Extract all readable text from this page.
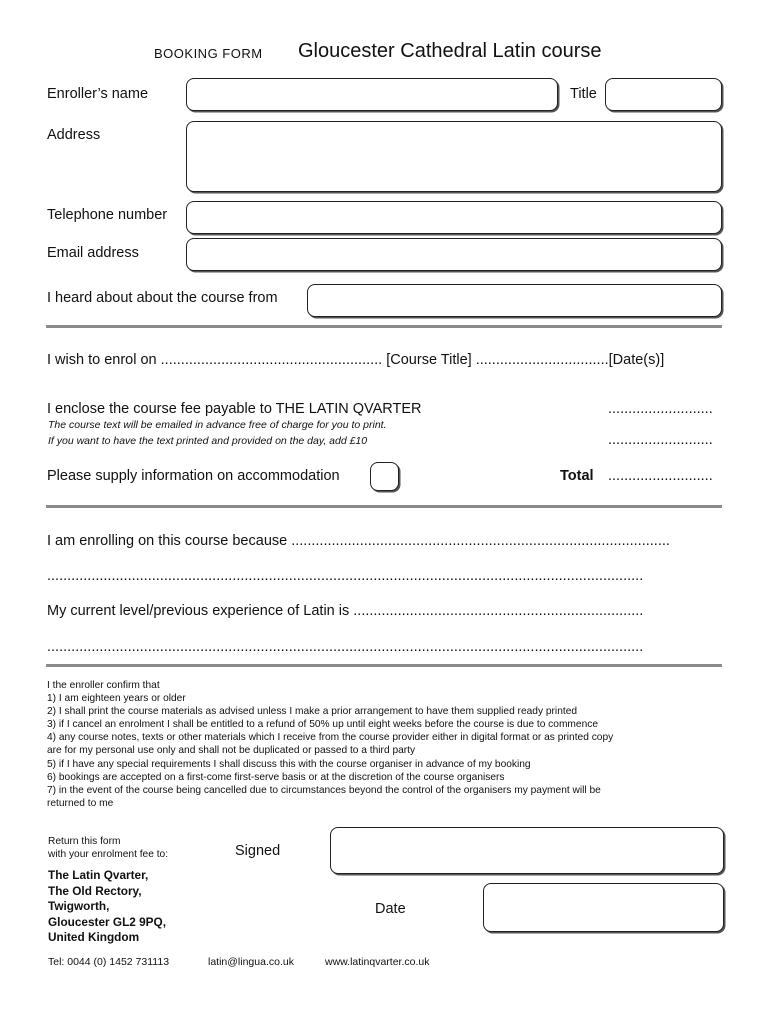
BOOKING FORM Gloucester Cathedral Latin course
Enroller’s name	Title
Address
Telephone number
Email address
I heard about about the course from
I wish to enrol on ....................................................... [Course Title] .................................[Date(s)]
I enclose the course fee payable to THE LATIN QVARTER	..........................
The course text will be emailed in advance free of charge for you to print.
If you want to have the text printed and provided on the day, add £10	..........................
Please supply information on accommodation	Total ..........................
I am enrolling on this course because ..............................................................................................
....................................................................................................................................................
My current level/previous experience of Latin is ........................................................................
....................................................................................................................................................
I the enroller confirm that
1) I am eighteen years or older
2) I shall print the course materials as advised unless I make a prior arrangement to have them supplied ready printed
3) if I cancel an enrolment I shall be entitled to a refund of 50% up until eight weeks before the course is due to commence
4) any course notes, texts or other materials which I receive from the course provider either in digital format or as printed copy
are for my personal use only and shall not be duplicated or passed to a third party
5) if I have any special requirements I shall discuss this with the course organiser in advance of my booking
6) bookings are accepted on a first-come first-serve basis or at the discretion of the course organisers
7) in the event of the course being cancelled due to circumstances beyond the control of the organisers my payment will be
returned to me
Return this form
with your enrolment fee to:	Signed
The Latin Qvarter,
The Old Rectory,
Twigworth,
Gloucester GL2 9PQ,
United Kingdom
Date
Tel: 0044 (0) 1452 731113	latin@lingua.co.uk	www.latinqvarter.co.uk
